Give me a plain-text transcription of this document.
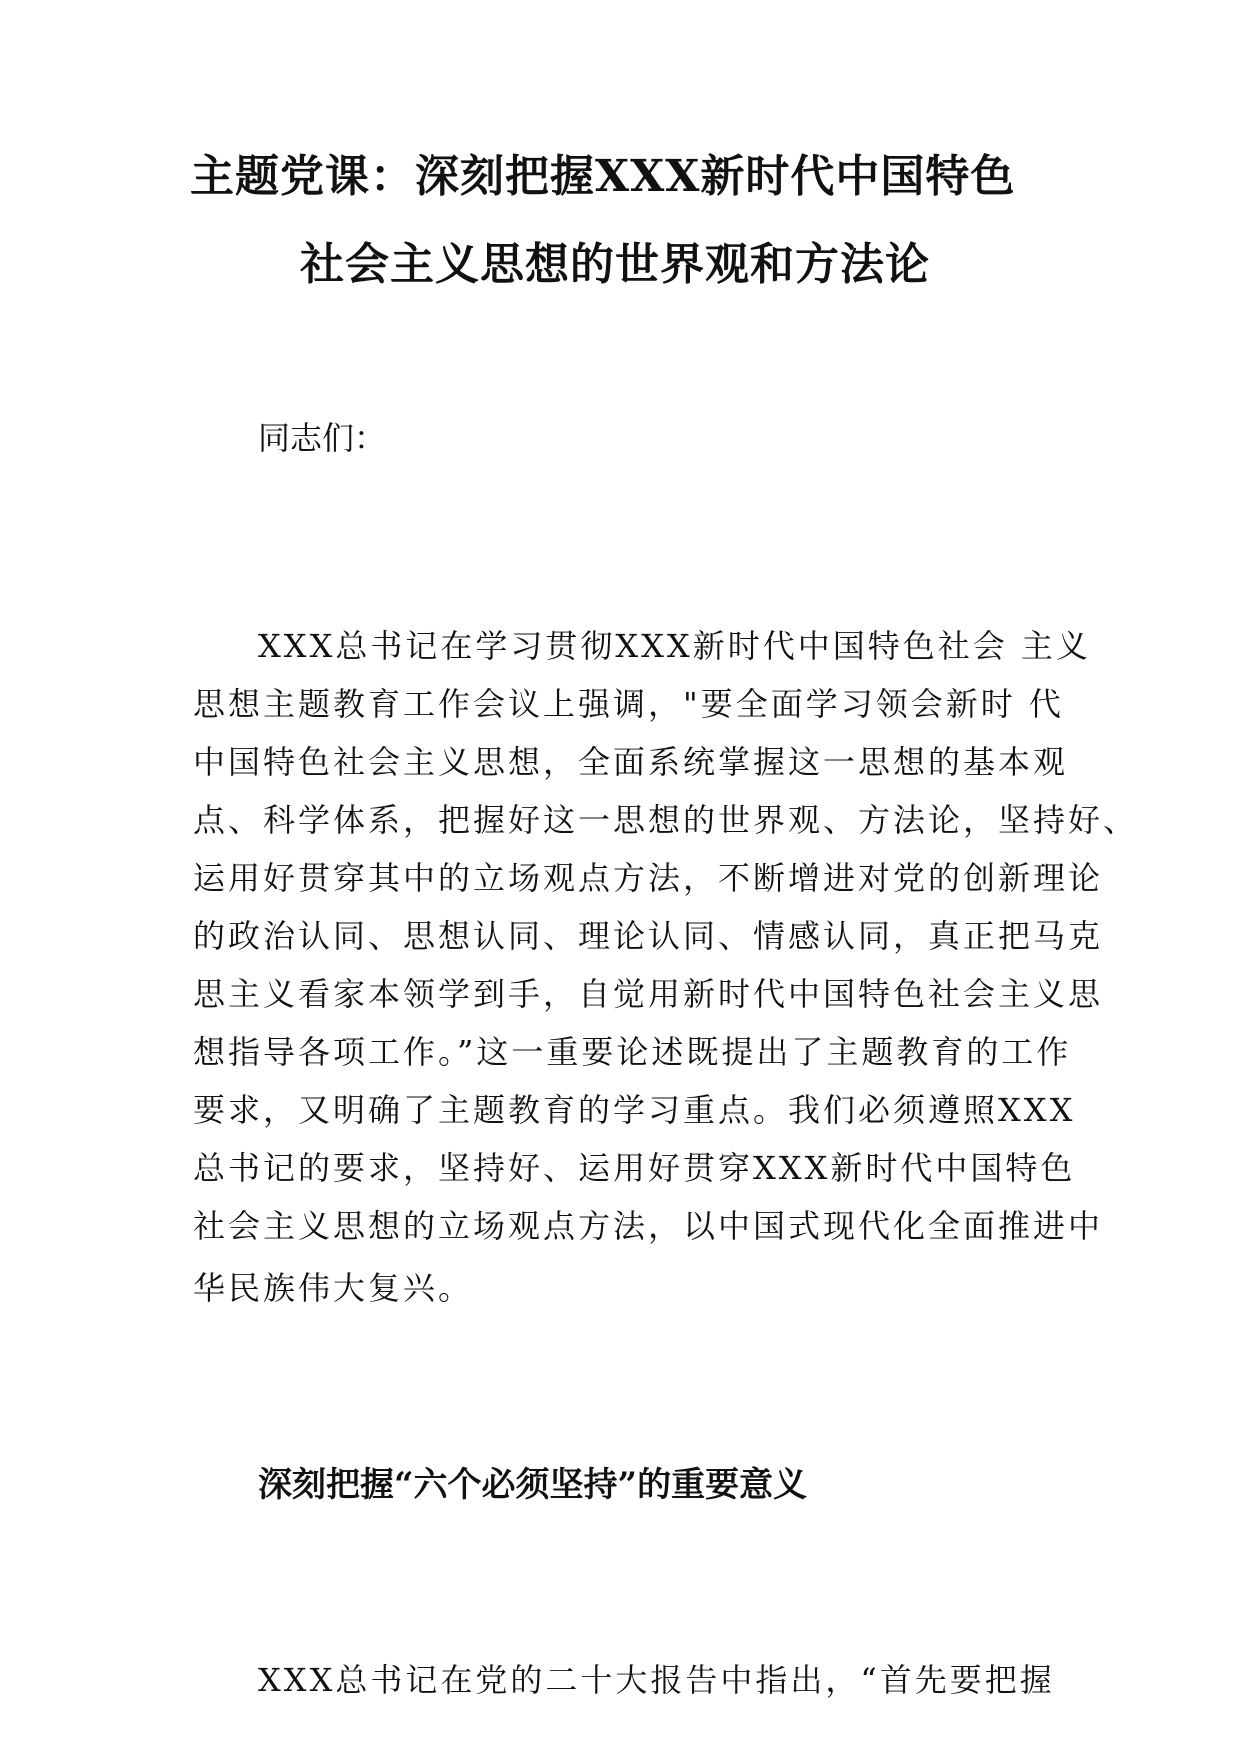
主题党课：深刻把握XXX新时代中国特色
社会主义思想的世界观和方法论
同志们：
XXX总书记在学习贯彻XXX新时代中国特色社会 主义
思想主题教育工作会议上强调，"要全面学习领会新时 代
中国特色社会主义思想，全面系统掌握这一思想的基本观
点、科学体系，把握好这一思想的世界观、方法论，坚持好、
运用好贯穿其中的立场观点方法，不断增进对党的创新理论
的政治认同、思想认同、理论认同、情感认同，真正把马克
思主义看家本领学到手，自觉用新时代中国特色社会主义思
想指导各项工作。”这一重要论述既提出了主题教育的工作
要求，又明确了主题教育的学习重点。我们必须遵照XXX
总书记的要求，坚持好、运用好贯穿XXX新时代中国特色
社会主义思想的立场观点方法，以中国式现代化全面推进中
华民族伟大复兴。
深刻把握“六个必须坚持”的重要意义
XXX总书记在党的二十大报告中指出，“首先要把握
